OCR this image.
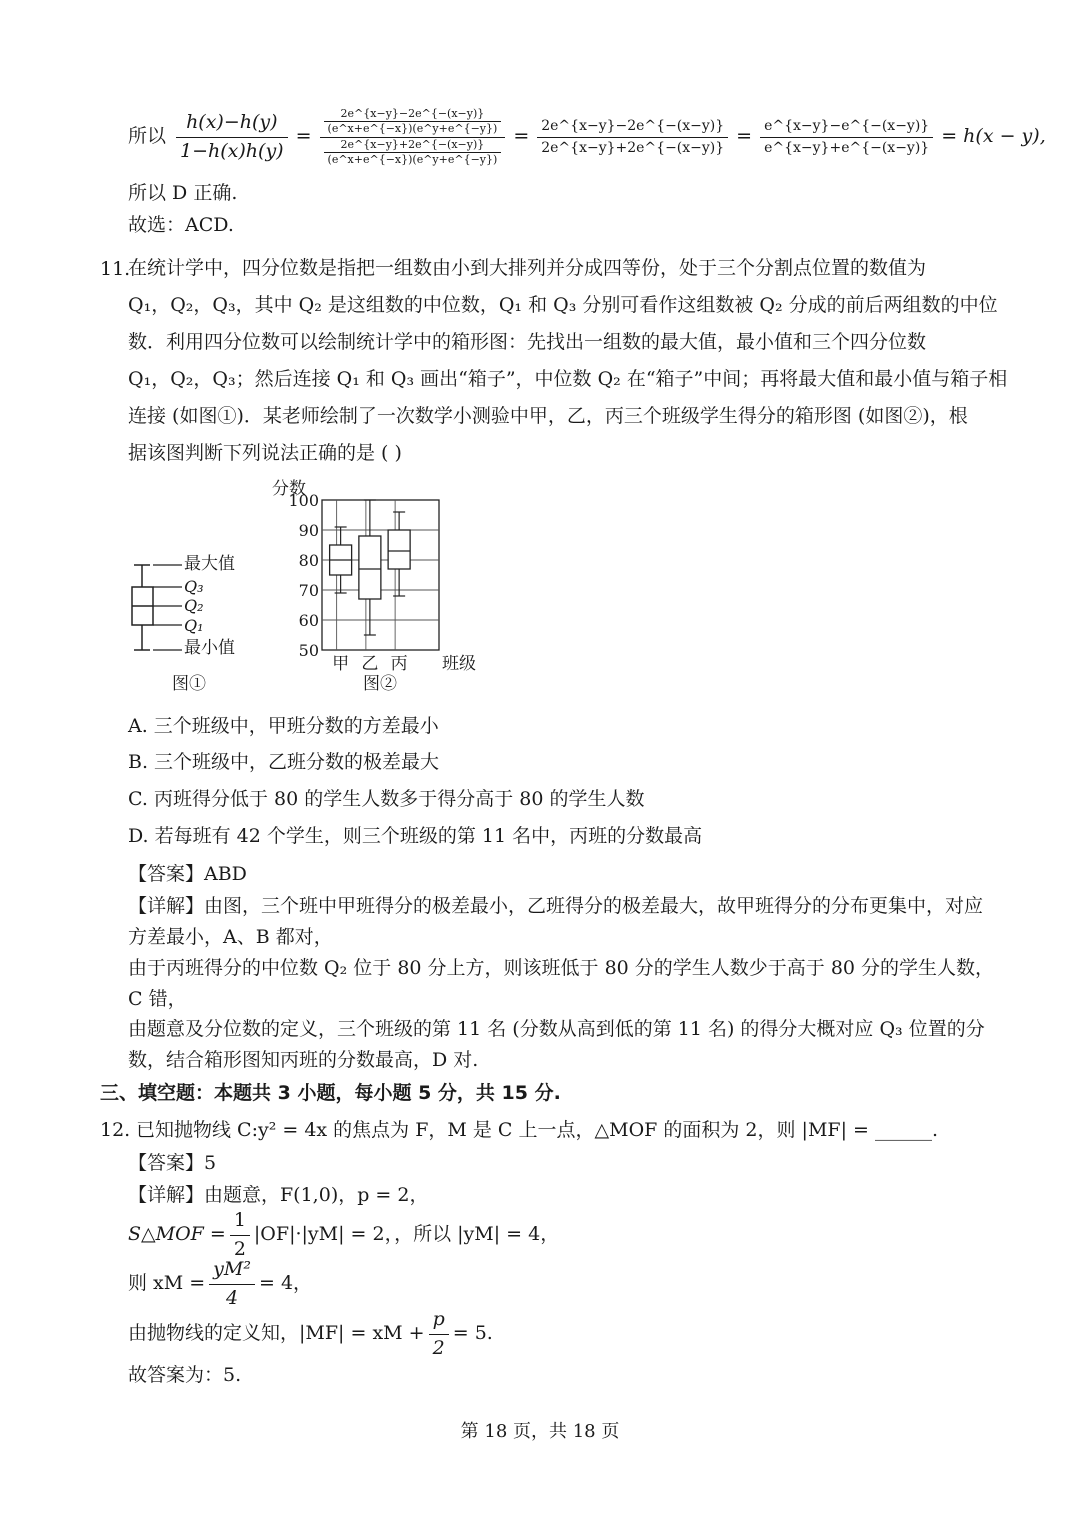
所以 $\frac{h(x)-h(y)}{1-h(x)h(y)} = \frac{\frac{2e\^{}\{x-y\}-2e\^{}\{-(x-y)\}}{(e\^{}x+e\^{}\{-x\})(e\^{}y+e\^{}\{-y\})}}{\frac{2e\^{}\{x-y\}+2e\^{}\{-(x-y)\}}{(e\^{}x+e\^{}\{-x\})(e\^{}y+e\^{}\{-y\})}} = \frac{2e\^{}\{x-y\}-2e\^{}\{-(x-y)\}}{2e\^{}\{x-y\}+2e\^{}\{-(x-y)\}} = \frac{e\^{}\{x-y\}-e\^{}\{-(x-y)\}}{e\^{}\{x-y\}+e\^{}\{-(x-y)\}} = h(x - y)$,
所以 D 正确.
故选：ACD.
11.
在统计学中，四分位数是指把一组数由小到大排列并分成四等份，处于三个分割点位置的数值为
Q₁，Q₂，Q₃，其中 Q₂ 是这组数的中位数，Q₁ 和 Q₃ 分别可看作这组数被 Q₂ 分成的前后两组数的中位
数．利用四分位数可以绘制统计学中的箱形图：先找出一组数的最大值，最小值和三个四分位数
Q₁，Q₂，Q₃；然后连接 Q₁ 和 Q₃ 画出“箱子”，中位数 Q₂ 在“箱子”中间；再将最大值和最小值与箱子相
连接 (如图①)．某老师绘制了一次数学小测验中甲，乙，丙三个班级学生得分的箱形图 (如图②)，根
据该图判断下列说法正确的是 ( )
最大值
Q₃
Q₂
Q₁
最小值
图①
50
60
70
80
90
100
分数
甲 乙 丙 班级
图②
A. 三个班级中，甲班分数的方差最小
B. 三个班级中，乙班分数的极差最大
C. 丙班得分低于 80 的学生人数多于得分高于 80 的学生人数
D. 若每班有 42 个学生，则三个班级的第 11 名中，丙班的分数最高
【答案】ABD
【详解】由图，三个班中甲班得分的极差最小，乙班得分的极差最大，故甲班得分的分布更集中，对应
方差最小，A、B 都对，
由于丙班得分的中位数 Q₂ 位于 80 分上方，则该班低于 80 分的学生人数少于高于 80 分的学生人数，
C 错，
由题意及分位数的定义，三个班级的第 11 名 (分数从高到低的第 11 名) 的得分大概对应 Q₃ 位置的分
数，结合箱形图知丙班的分数最高，D 对.
三、填空题：本题共 3 小题，每小题 5 分，共 15 分.
12. 已知抛物线 C:y² = 4x 的焦点为 F，M 是 C 上一点，△MOF 的面积为 2，则 |MF| = ______.
【答案】5
【详解】由题意，F(1,0)，p = 2，
S△MOF = $\frac{1}{2} |OF|\cdot|yM| = 2$，，所以 |yM| = 4，
则 xM = $\frac{\text{yM²}}{4} = 4$，
由抛物线的定义知，|MF| = xM + $\frac{p}{2} = 5$.
故答案为：5.
第 18 页，共 18 页
